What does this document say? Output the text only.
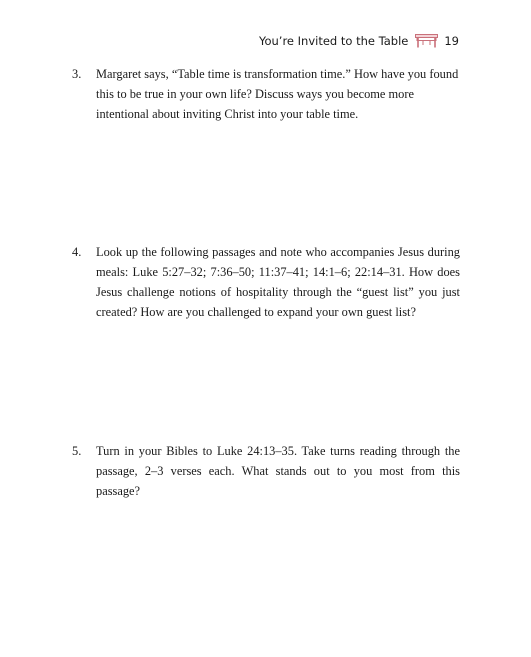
You’re Invited to the Table	19
3. Margaret says, “Table time is transformation time.” How have you found this to be true in your own life? Discuss ways you become more intentional about inviting Christ into your table time.
4. Look up the following passages and note who accompanies Jesus during meals: Luke 5:27–32; 7:36–50; 11:37–41; 14:1–6; 22:14–31. How does Jesus challenge notions of hospitality through the “guest list” you just created? How are you challenged to expand your own guest list?
5. Turn in your Bibles to Luke 24:13–35. Take turns reading through the passage, 2–3 verses each. What stands out to you most from this passage?
